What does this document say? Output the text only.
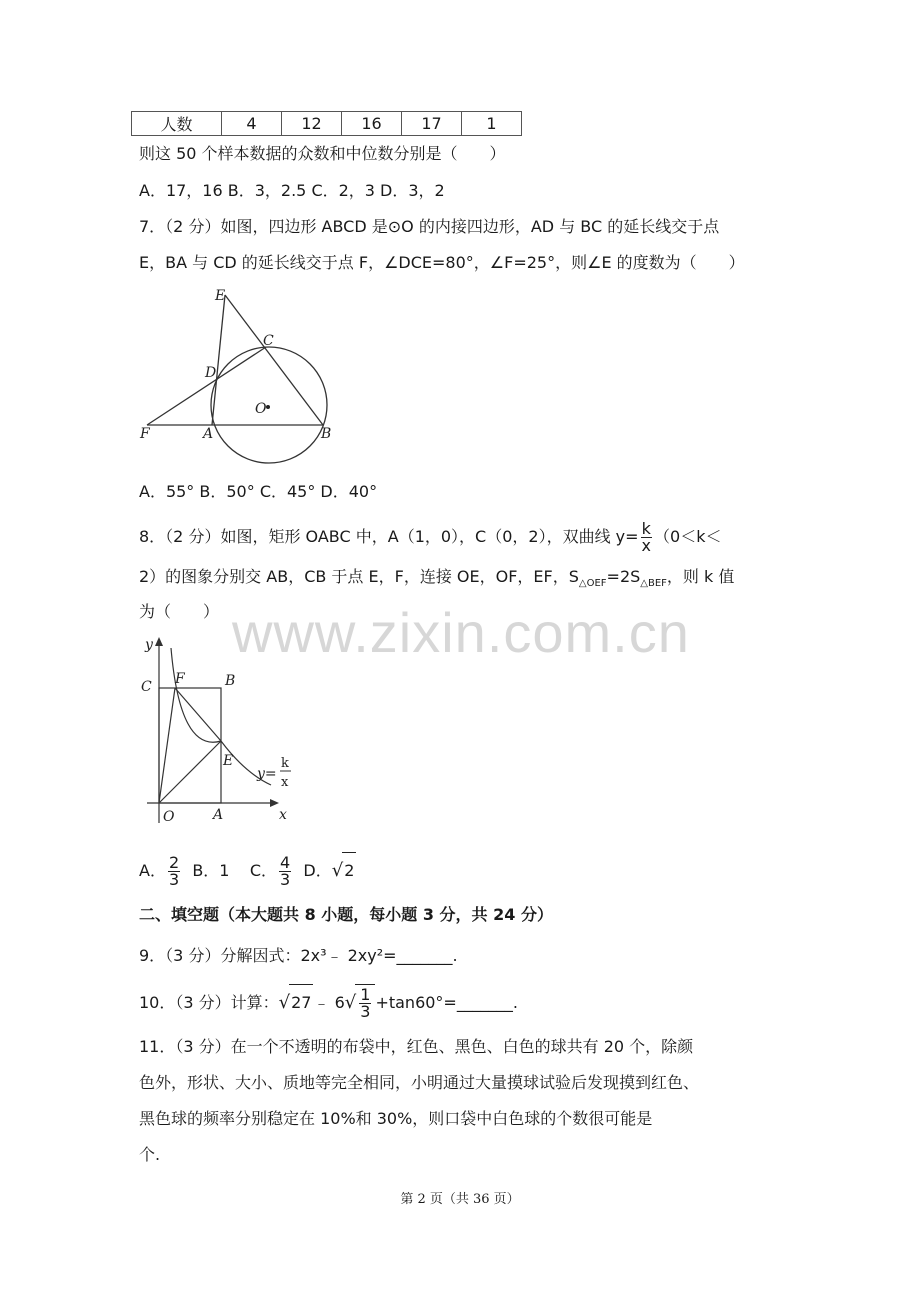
www.zixin.com.cn
人数	4	12	16	17	1
则这 50 个样本数据的众数和中位数分别是（　　）
A．17，16 B．3，2.5 C．2，3 D．3，2
7．（2 分）如图，四边形 ABCD 是⊙O 的内接四边形，AD 与 BC 的延长线交于点
E，BA 与 CD 的延长线交于点 F，∠DCE=80°，∠F=25°，则∠E 的度数为（　　）
E
C
D
O
F	A	B
A．55° B．50° C．45° D．40°
8．（2 分）如图，矩形 OABC 中，A（1，0），C（0，2），双曲线 $y= \frac{k}{x} (0<k<$
2）的图象分别交 AB，CB 于点 E，F，连接 OE，OF，EF，$S_{\triangle OEF}=2S_{\triangle BEF}$，则 k 值
为（　　）
y
x
C F	B
E
O	A
y=
k
x
A． $\frac{2}{3}$ B．1 C． $\frac{4}{3}$ D．√2
二、填空题（本大题共 8 小题，每小题 3 分，共 24 分）
9．（3 分）分解因式：2x³﹣ 2xy²=_______.
10．（3 分）计算：√27 ﹣ $6√ \frac{1}{3}$ +tan60°=_______.
11．（3 分）在一个不透明的布袋中，红色、黑色、白色的球共有 20 个，除颜
色外，形状、大小、质地等完全相同，小明通过大量摸球试验后发现摸到红色、
黑色球的频率分别稳定在 10%和 30%，则口袋中白色球的个数很可能是
个.
第 2 页（共 36 页）
